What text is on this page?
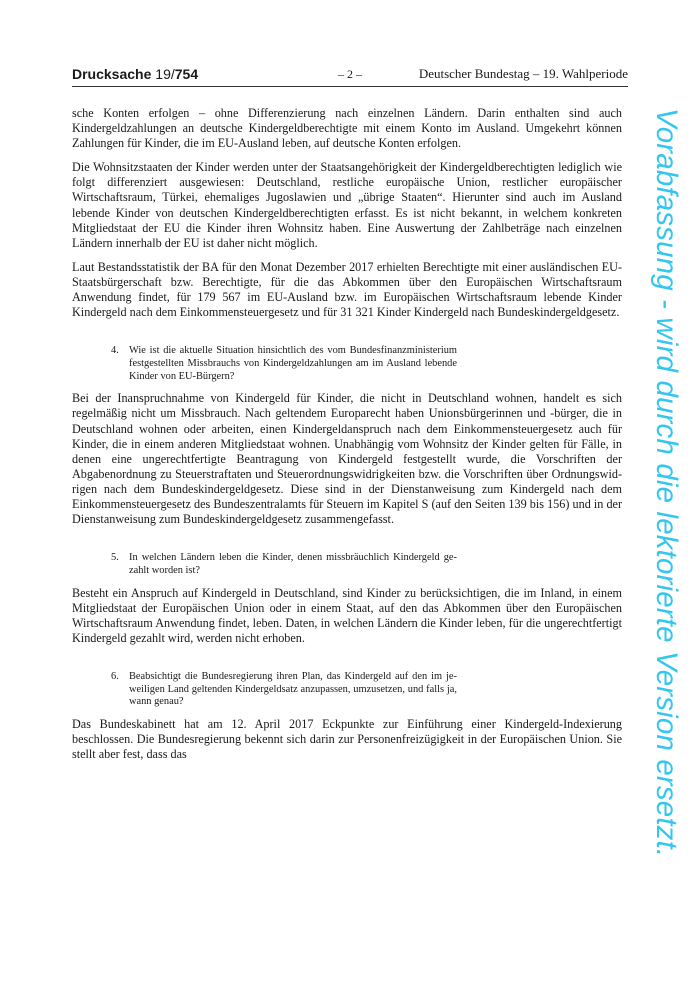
Drucksache 19/754	– 2 –	Deutscher Bundestag – 19. Wahlperiode

sche Konten erfolgen – ohne Differenzierung nach einzelnen Ländern. Darin enthalten sind auch Kindergeldzahlungen an deutsche Kindergeldberechtigte mit einem Konto im Ausland. Umgekehrt können Zahlungen für Kinder, die im EU-Ausland leben, auf deutsche Konten erfolgen.

Die Wohnsitzstaaten der Kinder werden unter der Staatsangehörigkeit der Kindergeldberechtigten lediglich wie folgt differenziert ausgewiesen: Deutschland, restliche europäische Union, restlicher europäischer Wirtschaftsraum, Türkei, ehemaliges Jugoslawien und „übrige Staaten“. Hierunter sind auch im Ausland lebende Kinder von deutschen Kindergeldberechtigten erfasst. Es ist nicht bekannt, in welchem konkreten Mitgliedstaat der EU die Kinder ihren Wohnsitz haben. Eine Auswertung der Zahlbeträge nach einzelnen Ländern innerhalb der EU ist daher nicht möglich.

Laut Bestandsstatistik der BA für den Monat Dezember 2017 erhielten Berechtigte mit einer ausländischen EU-Staatsbürgerschaft bzw. Berechtigte, für die das Abkommen über den Europäischen Wirtschaftsraum Anwendung findet, für 179 567 im EU-Ausland bzw. im Europäischen Wirtschaftsraum lebende Kinder Kindergeld nach dem Einkommensteuergesetz und für 31 321 Kinder Kindergeld nach Bundeskindergeldgesetz.

4. Wie ist die aktuelle Situation hinsichtlich des vom Bundesfinanzministerium festgestellten Missbrauchs von Kindergeldzahlungen am im Ausland lebende Kinder von EU-Bürgern?

Bei der Inanspruchnahme von Kindergeld für Kinder, die nicht in Deutschland wohnen, handelt es sich regelmäßig nicht um Missbrauch. Nach geltendem Europarecht haben Unionsbürgerinnen und -bürger, die in Deutschland wohnen oder arbeiten, einen Kindergeldanspruch nach dem Einkommensteuergesetz auch für Kinder, die in einem anderen Mitgliedstaat wohnen. Unabhängig vom Wohnsitz der Kinder gelten für Fälle, in denen eine ungerechtfertigte Beantragung von Kindergeld festgestellt wurde, die Vorschriften der Abgabenordnung zu Steuerstraftaten und Steuerordnungswidrigkeiten bzw. die Vorschriften über Ordnungswidrigen nach dem Bundeskindergeldgesetz. Diese sind in der Dienstanweisung zum Kindergeld nach dem Einkommensteuergesetz des Bundeszentralamts für Steuern im Kapitel S (auf den Seiten 139 bis 156) und in der Dienstanweisung zum Bundeskindergeldgesetz zusammengefasst.

5. In welchen Ländern leben die Kinder, denen missbräuchlich Kindergeld gezahlt worden ist?

Besteht ein Anspruch auf Kindergeld in Deutschland, sind Kinder zu berücksichtigen, die im Inland, in einem Mitgliedstaat der Europäischen Union oder in einem Staat, auf den das Abkommen über den Europäischen Wirtschaftsraum Anwendung findet, leben. Daten, in welchen Ländern die Kinder leben, für die ungerechtfertigt Kindergeld gezahlt wird, werden nicht erhoben.

6. Beabsichtigt die Bundesregierung ihren Plan, das Kindergeld auf den im jeweiligen Land geltenden Kindergeldsatz anzupassen, umzusetzen, und falls ja, wann genau?

Das Bundeskabinett hat am 12. April 2017 Eckpunkte zur Einführung einer Kindergeld-Indexierung beschlossen. Die Bundesregierung bekennt sich darin zur Personenfreizügigkeit in der Europäischen Union. Sie stellt aber fest, dass das	Vorabfassung - wird durch die lektorierte Version ersetzt.
